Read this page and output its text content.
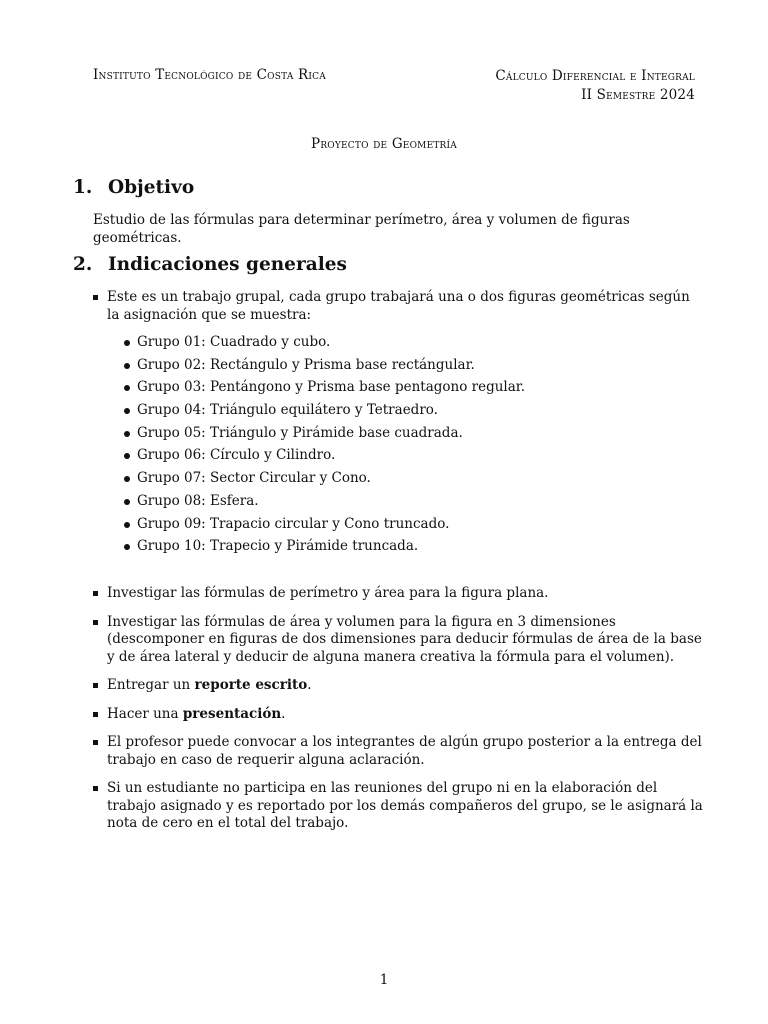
Instituto Tecnológico de Costa Rica	Cálculo Diferencial e Integral
II Semestre 2024
Proyecto de Geometría
1. Objetivo

Estudio de las fórmulas para determinar perímetro, área y volumen de figuras geométricas.

2. Indicaciones generales
Este es un trabajo grupal, cada grupo trabajará una o dos figuras geométricas según la asignación que se muestra:
Grupo 01: Cuadrado y cubo.
Grupo 02: Rectángulo y Prisma base rectángular.
Grupo 03: Pentángono y Prisma base pentagono regular.
Grupo 04: Triángulo equilátero y Tetraedro.
Grupo 05: Triángulo y Pirámide base cuadrada.
Grupo 06: Círculo y Cilindro.
Grupo 07: Sector Circular y Cono.
Grupo 08: Esfera.
Grupo 09: Trapacio circular y Cono truncado.
Grupo 10: Trapecio y Pirámide truncada.
Investigar las fórmulas de perímetro y área para la figura plana.
Investigar las fórmulas de área y volumen para la figura en 3 dimensiones (descomponer en figuras de dos dimensiones para deducir fórmulas de área de la base y de área lateral y deducir de alguna manera creativa la fórmula para el volumen).
Entregar un reporte escrito.
Hacer una presentación.
El profesor puede convocar a los integrantes de algún grupo posterior a la entrega del trabajo en caso de requerir alguna aclaración.
Si un estudiante no participa en las reuniones del grupo ni en la elaboración del trabajo asignado y es reportado por los demás compañeros del grupo, se le asignará la nota de cero en el total del trabajo.
1
